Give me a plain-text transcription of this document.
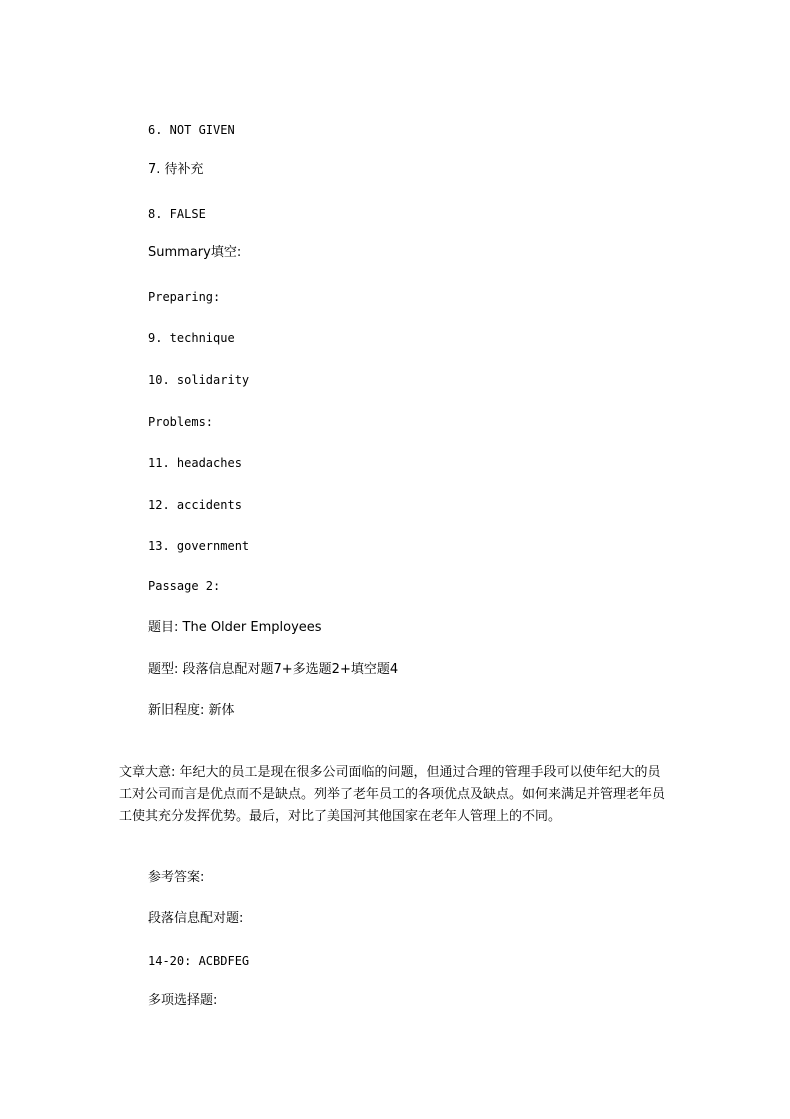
6. NOT GIVEN
7. 待补充
8. FALSE
Summary填空:
Preparing:
9. technique
10. solidarity
Problems:
11. headaches
12. accidents
13. government
Passage 2:
题目: The Older Employees
题型: 段落信息配对题7+多选题2+填空题4
新旧程度: 新体
文章大意: 年纪大的员工是现在很多公司面临的问题，但通过合理的管理手段可以使年纪大的员工对公司而言是优点而不是缺点。列举了老年员工的各项优点及缺点。如何来满足并管理老年员工使其充分发挥优势。最后，对比了美国河其他国家在老年人管理上的不同。
参考答案:
段落信息配对题:
14-20: ACBDFEG
多项选择题:
